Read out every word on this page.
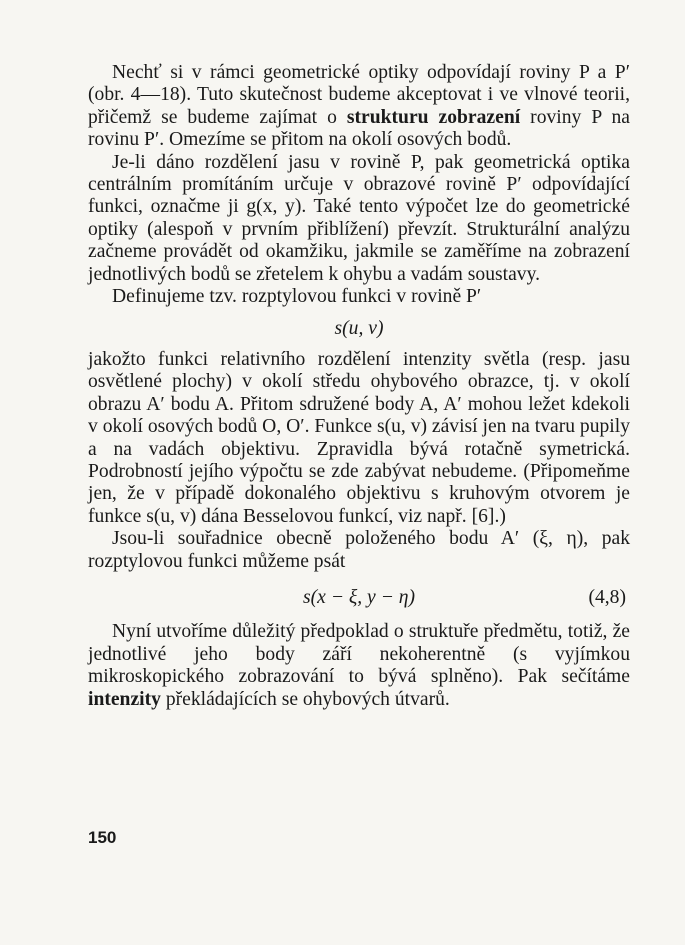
Nechť si v rámci geometrické optiky odpovídají roviny P a P′ (obr. 4—18). Tuto skutečnost budeme akceptovat i ve vlnové teorii, přičemž se budeme zajímat o strukturu zobrazení roviny P na rovinu P′. Omezíme se přitom na okolí osových bodů.

Je-li dáno rozdělení jasu v rovině P, pak geometrická optika centrálním promítáním určuje v obrazové rovině P′ odpovídající funkci, označme ji g(x, y). Také tento výpočet lze do geometrické optiky (alespoň v prvním přiblížení) převzít. Strukturální analýzu začneme provádět od okamžiku, jakmile se zaměříme na zobrazení jednotlivých bodů se zřetelem k ohybu a vadám soustavy.

Definujeme tzv. rozptylovou funkci v rovině P′

s(u, v)

jakožto funkci relativního rozdělení intenzity světla (resp. jasu osvětlené plochy) v okolí středu ohybového obrazce, tj. v okolí obrazu A′ bodu A. Přitom sdružené body A, A′ mohou ležet kdekoli v okolí osových bodů O, O′. Funkce s(u, v) závisí jen na tvaru pupily a na vadách objektivu. Zpravidla bývá rotačně symetrická. Podrobností jejího výpočtu se zde zabývat nebudeme. (Připomeňme jen, že v případě dokonalého objektivu s kruhovým otvorem je funkce s(u, v) dána Besselovou funkcí, viz např. [6].)

Jsou-li souřadnice obecně položeného bodu A′ (ξ, η), pak rozptylovou funkci můžeme psát

s(x − ξ, y − η)	(4,8)

Nyní utvoříme důležitý předpoklad o struktuře předmětu, totiž, že jednotlivé jeho body září nekoherentně (s vyjímkou mikroskopického zobrazování to bývá splněno). Pak sečítáme intenzity překládajících se ohybových útvarů.

150
